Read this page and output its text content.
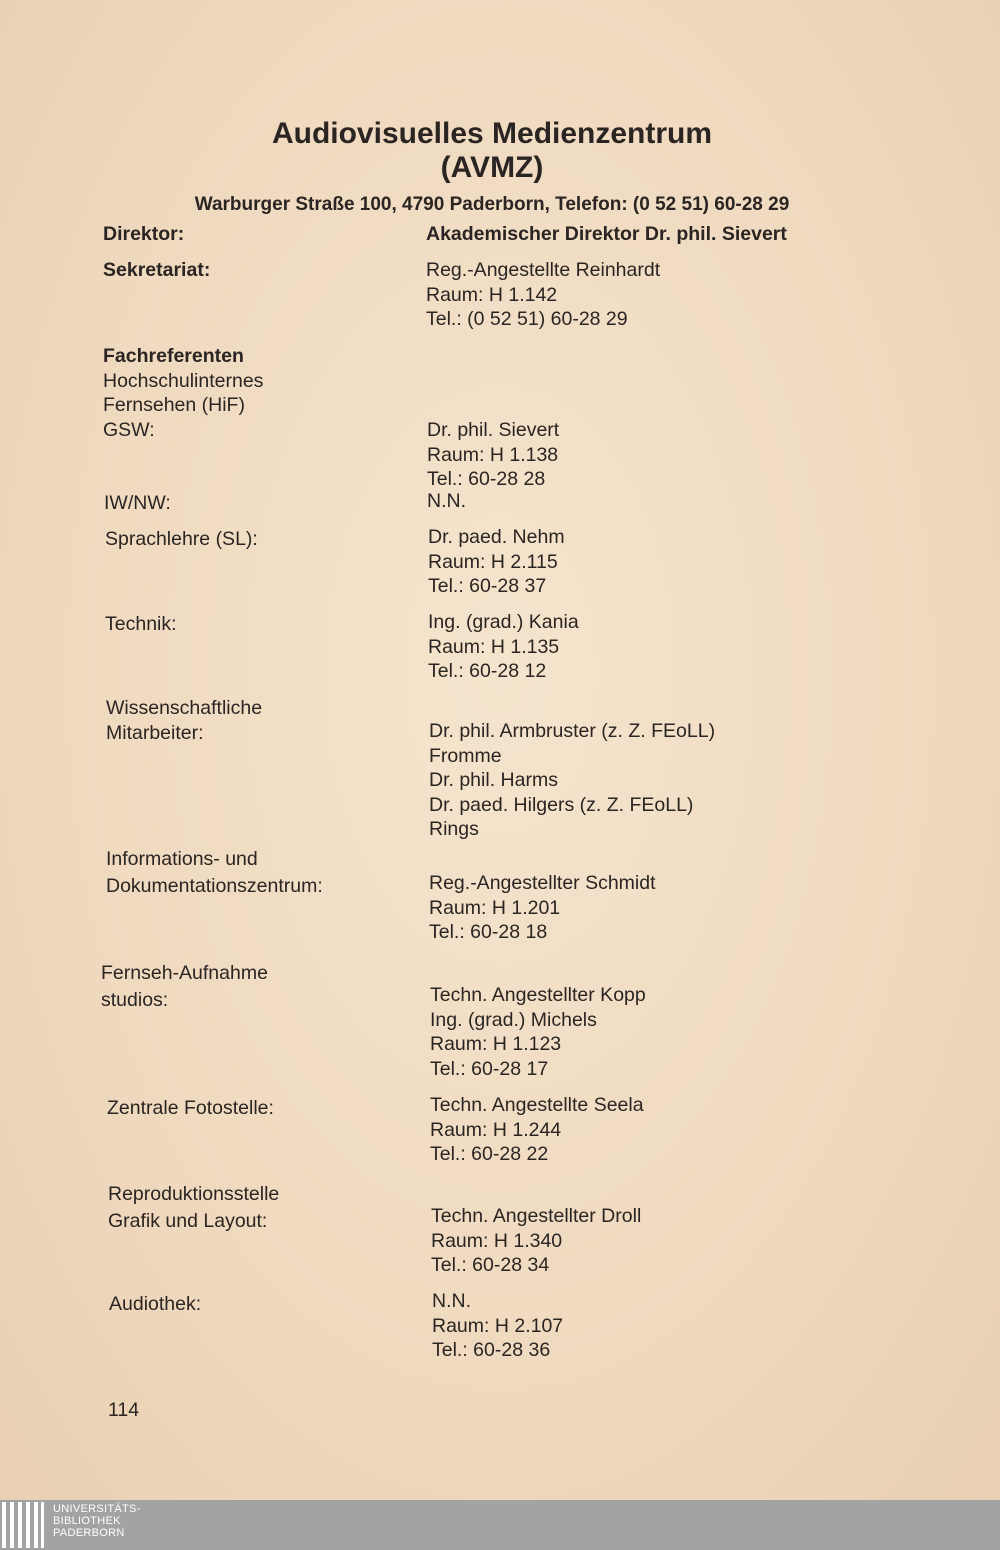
Audiovisuelles Medienzentrum
(AVMZ)

Warburger Straße 100, 4790 Paderborn, Telefon: (0 52 51) 60-28 29

Direktor:	Akademischer Direktor Dr. phil. Sievert
Sekretariat:	Reg.-Angestellte Reinhardt
Raum: H 1.142
Tel.: (0 52 51) 60-28 29
Fachreferenten
Hochschulinternes
Fernsehen (HiF)
GSW:	Dr. phil. Sievert
Raum: H 1.138
Tel.: 60-28 28
IW/NW:	N.N.
Sprachlehre (SL):	Dr. paed. Nehm
Raum: H 2.115
Tel.: 60-28 37
Technik:	Ing. (grad.) Kania
Raum: H 1.135
Tel.: 60-28 12
Wissenschaftliche
Mitarbeiter:	Dr. phil. Armbruster (z. Z. FEoLL)
Fromme
Dr. phil. Harms
Dr. paed. Hilgers (z. Z. FEoLL)
Rings
Informations- und
Dokumentationszentrum:	Reg.-Angestellter Schmidt
Raum: H 1.201
Tel.: 60-28 18
Fernseh-Aufnahme
studios:	Techn. Angestellter Kopp
Ing. (grad.) Michels
Raum: H 1.123
Tel.: 60-28 17
Zentrale Fotostelle:	Techn. Angestellte Seela
Raum: H 1.244
Tel.: 60-28 22
Reproduktionsstelle
Grafik und Layout:	Techn. Angestellter Droll
Raum: H 1.340
Tel.: 60-28 34
Audiothek:	N.N.
Raum: H 2.107
Tel.: 60-28 36
114
UNIVERSITÄTS-
BIBLIOTHEK
PADERBORN
